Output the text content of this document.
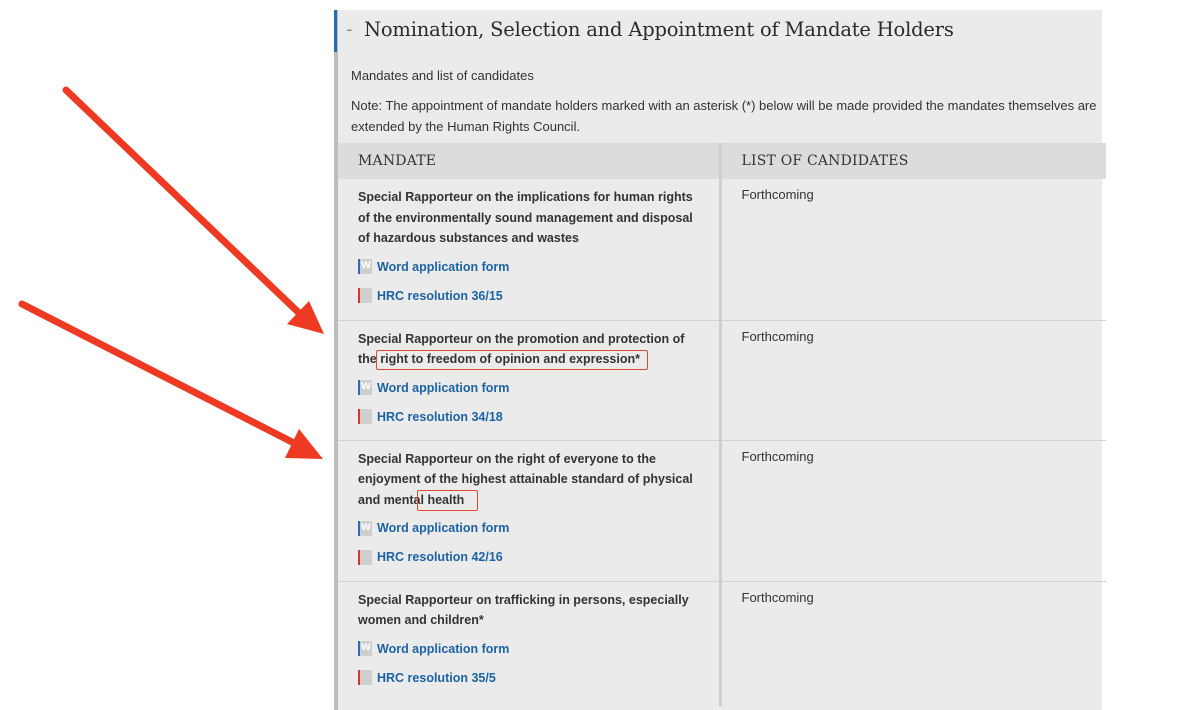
- Nomination, Selection and Appointment of Mandate Holders
Mandates and list of candidates
Note: The appointment of mandate holders marked with an asterisk (*) below will be made provided the mandates themselves are extended by the Human Rights Council.
MANDATE	LIST OF CANDIDATES

Special Rapporteur on the implications for human rights of the environmentally sound management and disposal of hazardous substances and wastes

W Word application form
HRC resolution 36/15	Forthcoming

Special Rapporteur on the promotion and protection of the
right to freedom of opinion and expression*

W Word application form
HRC resolution 34/18	Forthcoming

Special Rapporteur on the right of everyone to the enjoyment of the highest attainable standard of physical and mental
health

W Word application form
HRC resolution 42/16	Forthcoming

Special Rapporteur on trafficking in persons, especially women and children*

W Word application form
HRC resolution 35/5	Forthcoming
